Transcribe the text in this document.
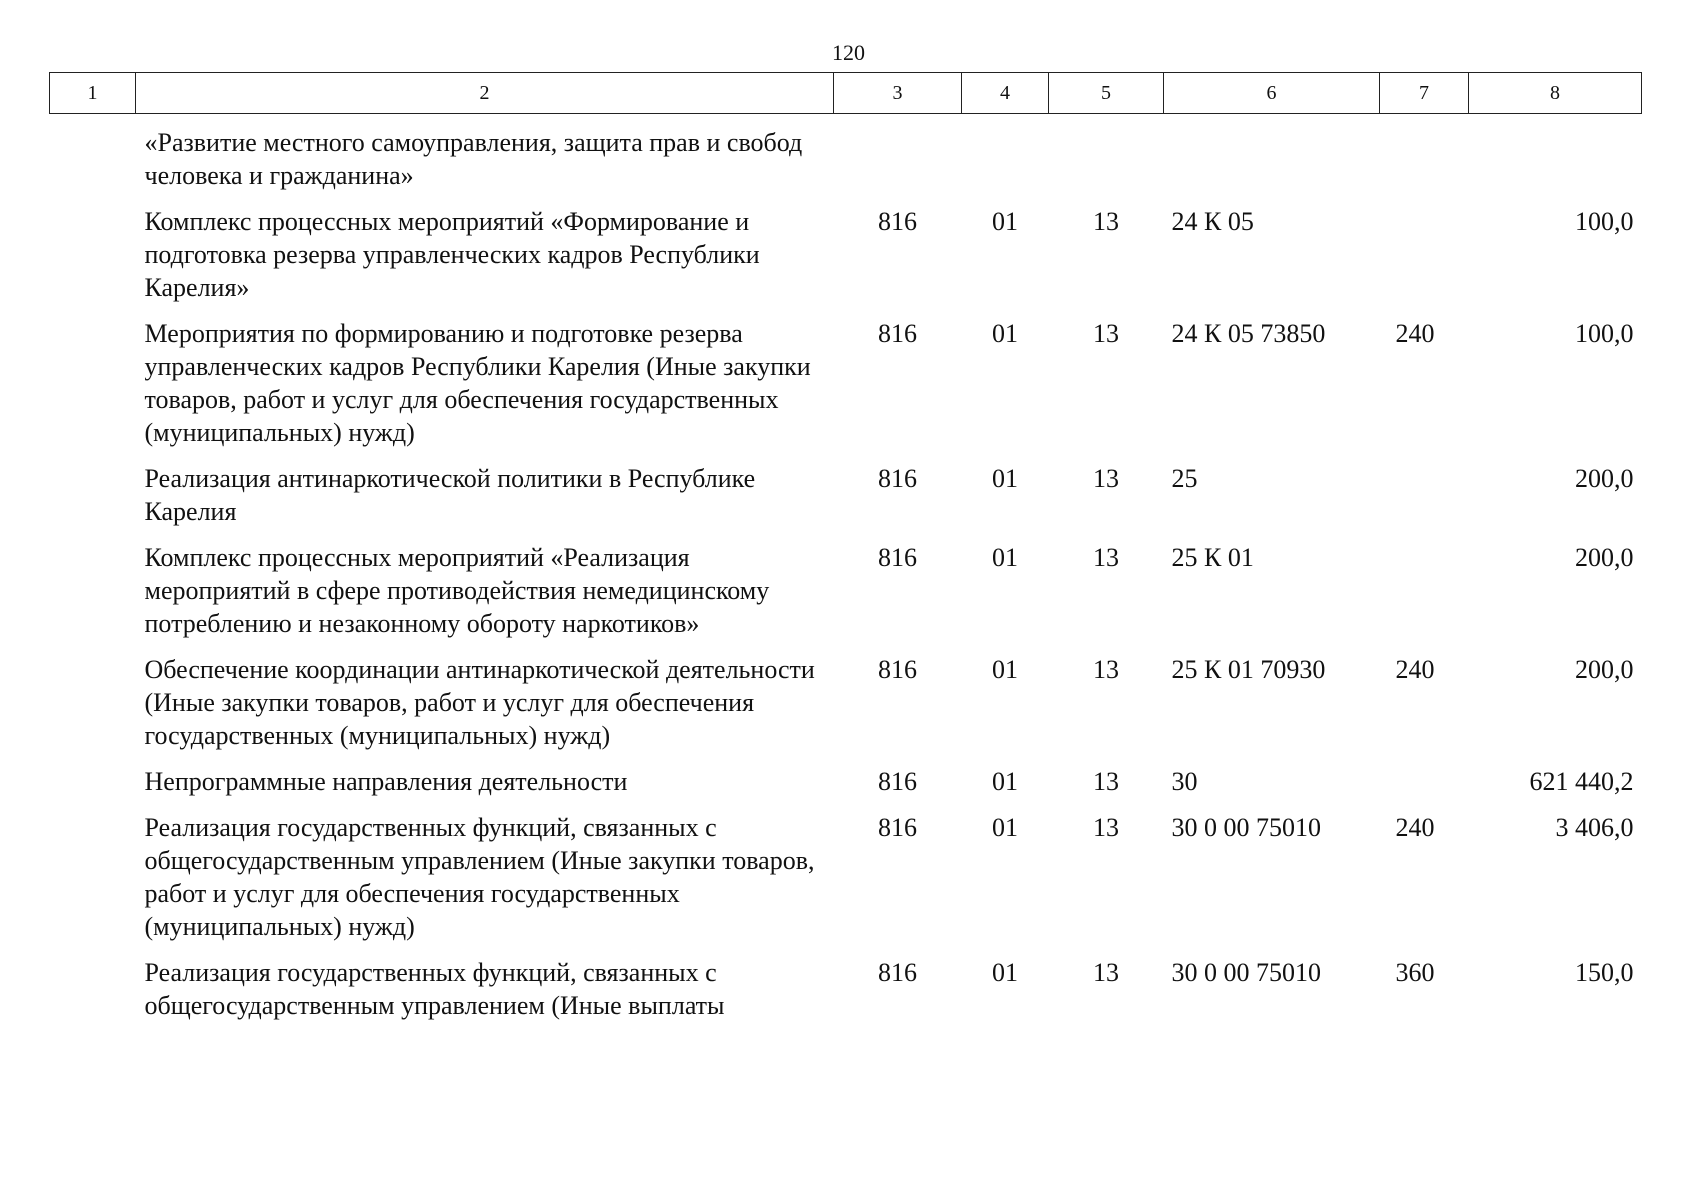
120
1	2	3	4	5	6	7	8

	«Развитие местного самоуправления, защита прав и свобод человека и гражданина»						
	Комплекс процессных мероприятий «Формирование и подготовка резерва управленческих кадров Республики Карелия»	816	01	13	24 К 05		100,0
	Мероприятия по формированию и подготовке резерва управленческих кадров Республики Карелия (Иные закупки товаров, работ и услуг для обеспечения государственных (муниципальных) нужд)	816	01	13	24 К 05 73850	240	100,0
	Реализация антинаркотической политики в Республике Карелия	816	01	13	25		200,0
	Комплекс процессных мероприятий «Реализация мероприятий в сфере противодействия немедицинскому потреблению и незаконному обороту наркотиков»	816	01	13	25 К 01		200,0
	Обеспечение координации антинаркотической деятельности (Иные закупки товаров, работ и услуг для обеспечения государственных (муниципальных) нужд)	816	01	13	25 К 01 70930	240	200,0
	Непрограммные направления деятельности	816	01	13	30		621 440,2
	Реализация государственных функций, связанных с общегосударственным управлением (Иные закупки товаров, работ и услуг для обеспечения государственных (муниципальных) нужд)	816	01	13	30 0 00 75010	240	3 406,0
	Реализация государственных функций, связанных с общегосударственным управлением (Иные выплаты	816	01	13	30 0 00 75010	360	150,0
